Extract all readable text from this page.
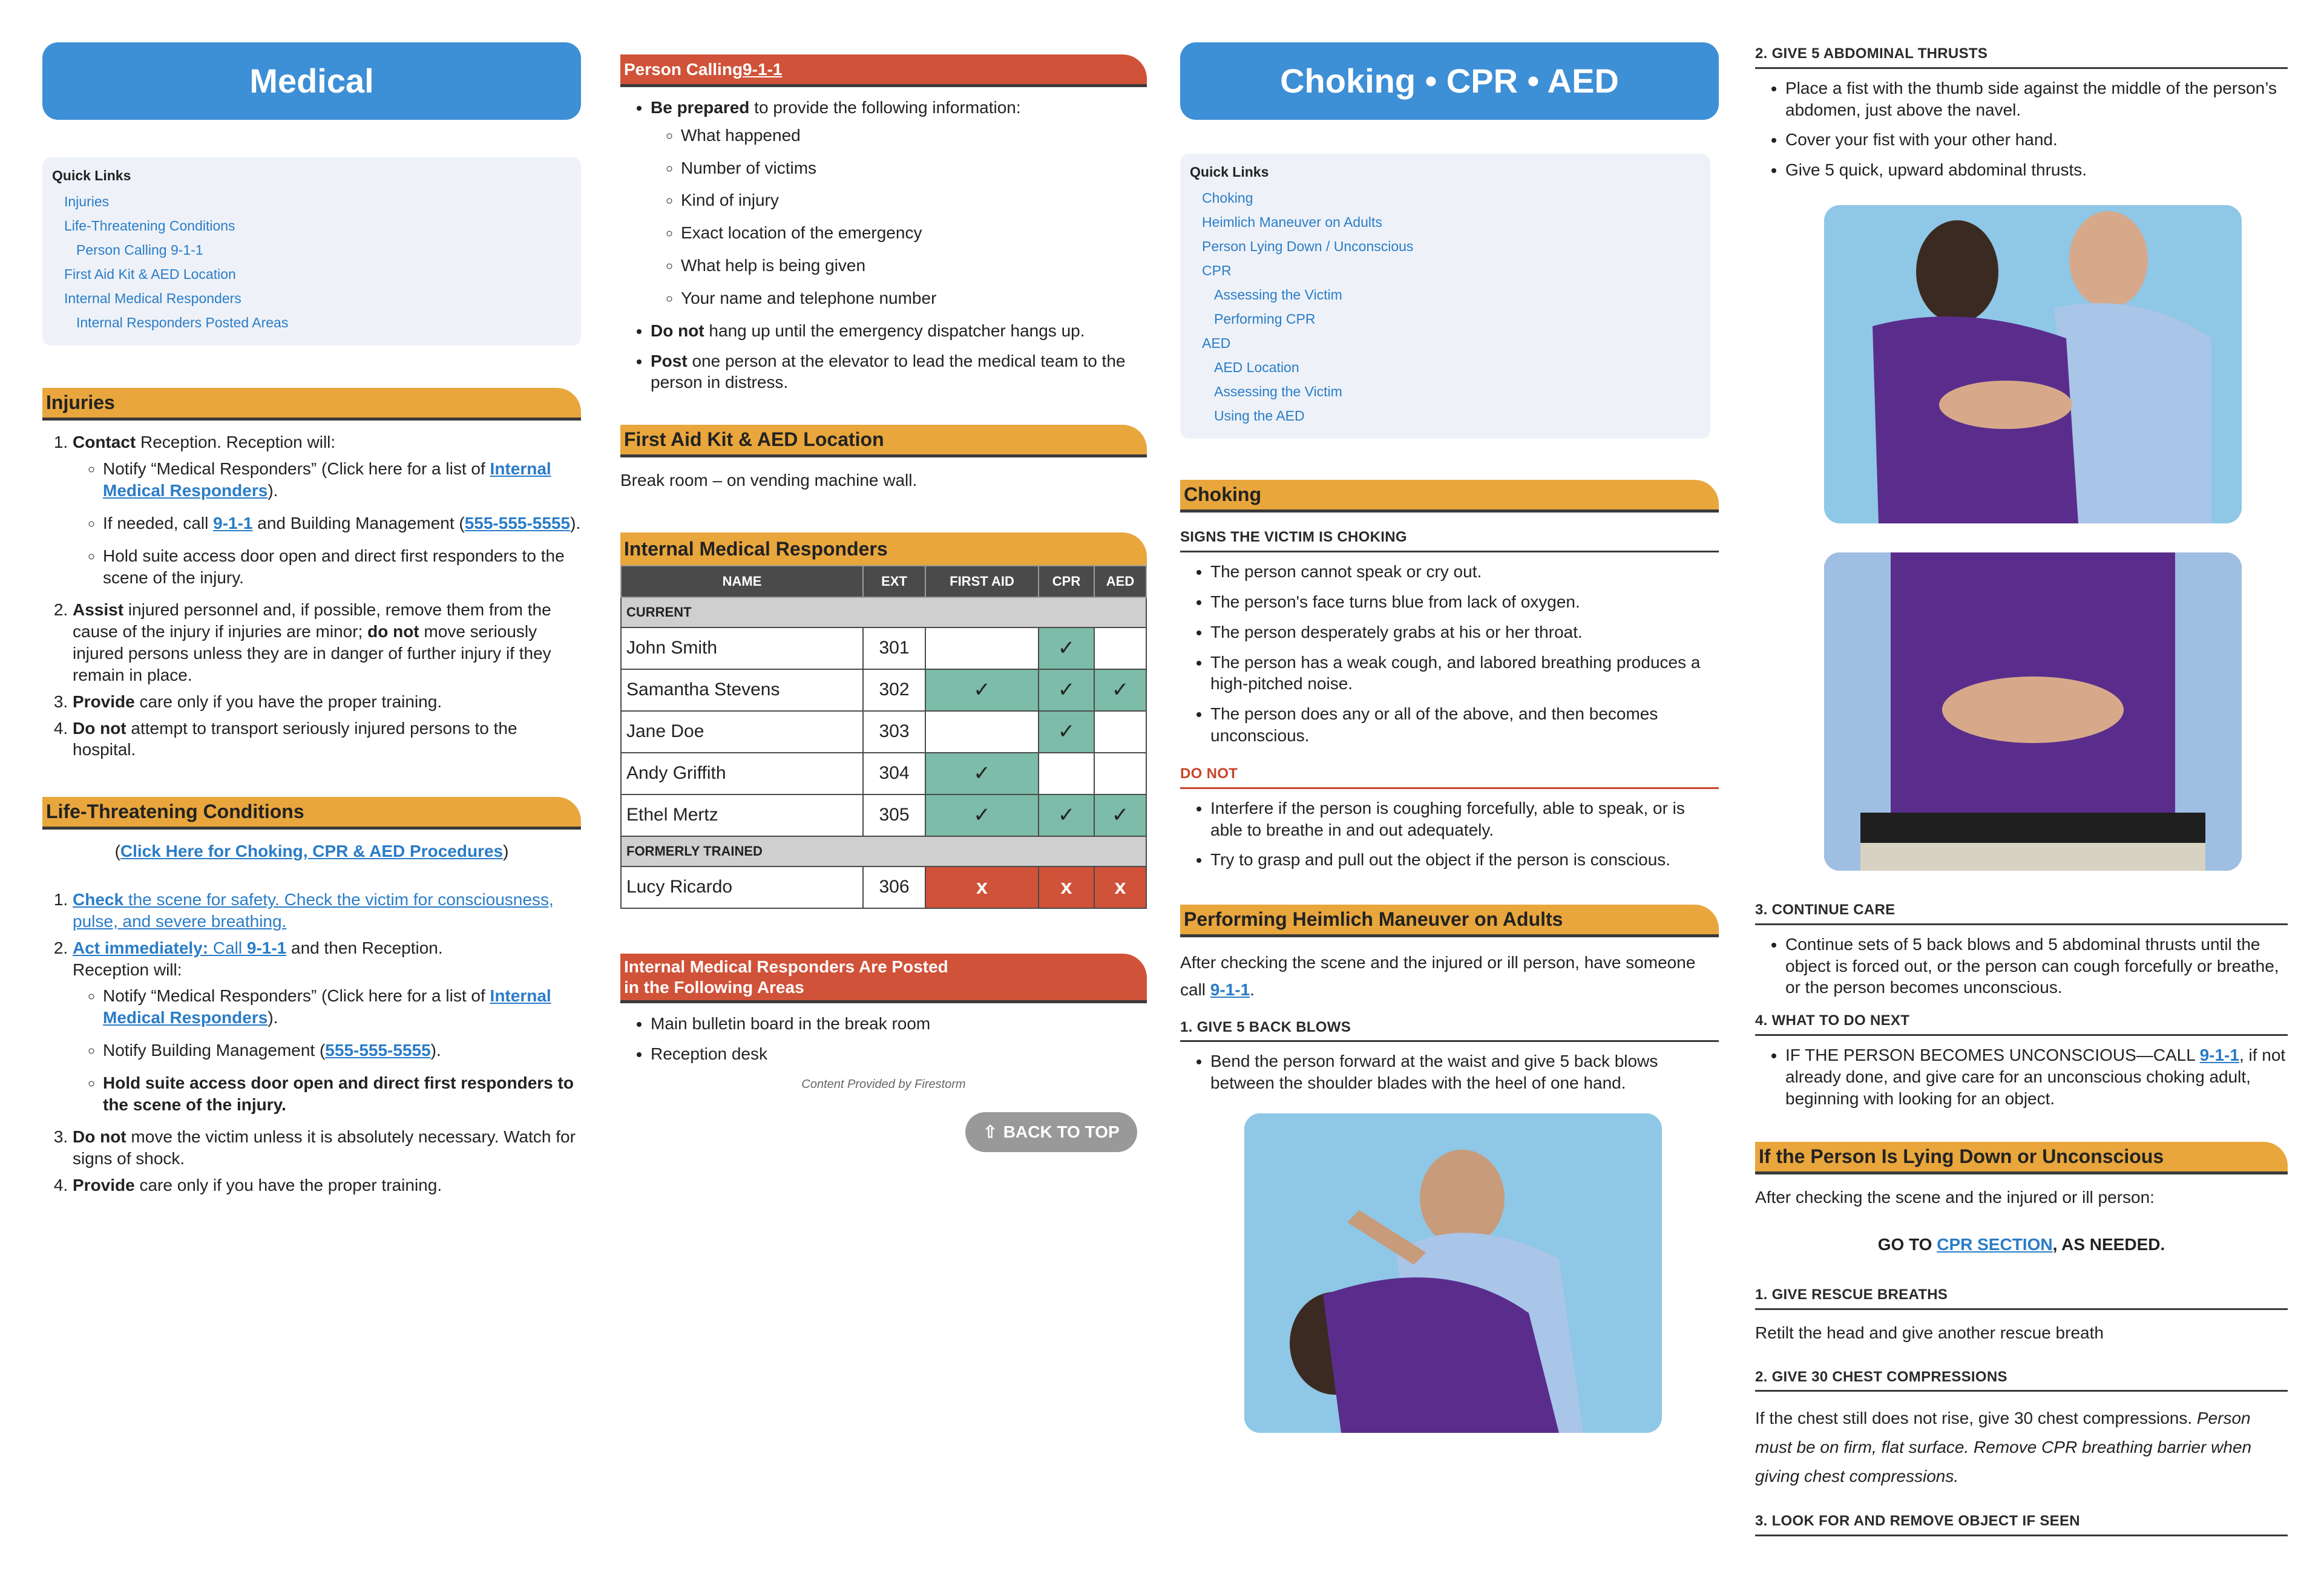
Medical
Quick Links
Injuries
Life-Threatening Conditions
Person Calling 9-1-1
First Aid Kit & AED Location
Internal Medical Responders
Internal Responders Posted Areas
Injuries
1. Contact Reception. Reception will:
◦ Notify “Medical Responders” (Click here for a list of Internal Medical Responders).
◦ If needed, call 9-1-1 and Building Management (555-555-5555).
◦ Hold suite access door open and direct first responders to the scene of the injury.
2. Assist injured personnel and, if possible, remove them from the cause of the injury if injuries are minor; do not move seriously injured persons unless they are in danger of further injury if they remain in place.
3. Provide care only if you have the proper training.
4. Do not attempt to transport seriously injured persons to the hospital.
Life-Threatening Conditions
(Click Here for Choking, CPR & AED Procedures)
1. Check the scene for safety. Check the victim for consciousness, pulse, and severe breathing.
2. Act immediately: Call 9-1-1 and then Reception.
Reception will:
◦ Notify “Medical Responders” (Click here for a list of Internal Medical Responders).
◦ Notify Building Management (555-555-5555).
◦ Hold suite access door open and direct first responders to the scene of the injury.
3. Do not move the victim unless it is absolutely necessary. Watch for signs of shock.
4. Provide care only if you have the proper training.
Person Calling 9-1-1
• Be prepared to provide the following information:
◦ What happened
◦ Number of victims
◦ Kind of injury
◦ Exact location of the emergency
◦ What help is being given
◦ Your name and telephone number
• Do not hang up until the emergency dispatcher hangs up.
• Post one person at the elevator to lead the medical team to the person in distress.
First Aid Kit & AED Location
Break room – on vending machine wall.
Internal Medical Responders
NAME	EXT	FIRST AID	CPR	AED
CURRENT				
John Smith	301		✓	
Samantha Stevens	302	✓	✓	✓
Jane Doe	303		✓	
Andy Griffith	304	✓		
Ethel Mertz	305	✓	✓	✓
FORMERLY TRAINED				
Lucy Ricardo	306	x	x	x
Internal Medical Responders Are Posted
in the Following Areas
• Main bulletin board in the break room
• Reception desk
Content Provided by Firestorm
⇧ BACK TO TOP
Choking • CPR • AED
Quick Links
Choking
Heimlich Maneuver on Adults
Person Lying Down / Unconscious
CPR
Assessing the Victim
Performing CPR
AED
AED Location
Assessing the Victim
Using the AED
Choking
SIGNS THE VICTIM IS CHOKING
• The person cannot speak or cry out.
• The person's face turns blue from lack of oxygen.
• The person desperately grabs at his or her throat.
• The person has a weak cough, and labored breathing produces a high-pitched noise.
• The person does any or all of the above, and then becomes unconscious.
DO NOT
• Interfere if the person is coughing forcefully, able to speak, or is able to breathe in and out adequately.
• Try to grasp and pull out the object if the person is conscious.
Performing Heimlich Maneuver on Adults
After checking the scene and the injured or ill person, have someone call 9-1-1.
1. GIVE 5 BACK BLOWS
• Bend the person forward at the waist and give 5 back blows between the shoulder blades with the heel of one hand.
2. GIVE 5 ABDOMINAL THRUSTS
• Place a fist with the thumb side against the middle of the person’s abdomen, just above the navel.
• Cover your fist with your other hand.
• Give 5 quick, upward abdominal thrusts.
3. CONTINUE CARE
• Continue sets of 5 back blows and 5 abdominal thrusts until the object is forced out, or the person can cough forcefully or breathe, or the person becomes unconscious.
4. WHAT TO DO NEXT
• IF THE PERSON BECOMES UNCONSCIOUS—CALL 9-1-1, if not already done, and give care for an unconscious choking adult, beginning with looking for an object.
If the Person Is Lying Down or Unconscious
After checking the scene and the injured or ill person:
GO TO CPR SECTION, AS NEEDED.
1. GIVE RESCUE BREATHS
Retilt the head and give another rescue breath
2. GIVE 30 CHEST COMPRESSIONS
If the chest still does not rise, give 30 chest compressions. Person must be on firm, flat surface. Remove CPR breathing barrier when giving chest compressions.
3. LOOK FOR AND REMOVE OBJECT IF SEEN
